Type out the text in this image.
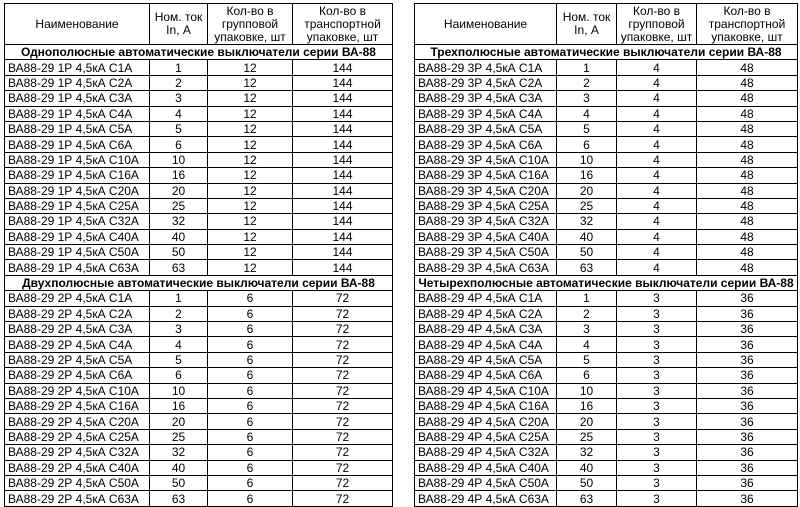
Наименование	Ном. ток In, А	Кол-во в групповой упаковке, шт	Кол-во в транспортной упаковке, шт
Однополюсные автоматические выключатели серии ВА-88			
ВА88-29 1Р 4,5кА С1А	1	12	144
ВА88-29 1Р 4,5кА С2А	2	12	144
ВА88-29 1Р 4,5кА С3А	3	12	144
ВА88-29 1Р 4,5кА С4А	4	12	144
ВА88-29 1Р 4,5кА С5А	5	12	144
ВА88-29 1Р 4,5кА С6А	6	12	144
ВА88-29 1Р 4,5кА С10А	10	12	144
ВА88-29 1Р 4,5кА С16А	16	12	144
ВА88-29 1Р 4,5кА С20А	20	12	144
ВА88-29 1Р 4,5кА С25А	25	12	144
ВА88-29 1Р 4,5кА С32А	32	12	144
ВА88-29 1Р 4,5кА С40А	40	12	144
ВА88-29 1Р 4,5кА С50А	50	12	144
ВА88-29 1Р 4,5кА С63А	63	12	144
Двухполюсные автоматические выключатели серии ВА-88			
ВА88-29 2Р 4,5кА С1А	1	6	72
ВА88-29 2Р 4,5кА С2А	2	6	72
ВА88-29 2Р 4,5кА С3А	3	6	72
ВА88-29 2Р 4,5кА С4А	4	6	72
ВА88-29 2Р 4,5кА С5А	5	6	72
ВА88-29 2Р 4,5кА С6А	6	6	72
ВА88-29 2Р 4,5кА С10А	10	6	72
ВА88-29 2Р 4,5кА С16А	16	6	72
ВА88-29 2Р 4,5кА С20А	20	6	72
ВА88-29 2Р 4,5кА С25А	25	6	72
ВА88-29 2Р 4,5кА С32А	32	6	72
ВА88-29 2Р 4,5кА С40А	40	6	72
ВА88-29 2Р 4,5кА С50А	50	6	72
ВА88-29 2Р 4,5кА С63А	63	6	72
Наименование	Ном. ток In, А	Кол-во в групповой упаковке, шт	Кол-во в транспортной упаковке, шт
Трехполюсные автоматические выключатели серии ВА-88			
ВА88-29 3Р 4,5кА С1А	1	4	48
ВА88-29 3Р 4,5кА С2А	2	4	48
ВА88-29 3Р 4,5кА С3А	3	4	48
ВА88-29 3Р 4,5кА С4А	4	4	48
ВА88-29 3Р 4,5кА С5А	5	4	48
ВА88-29 3Р 4,5кА С6А	6	4	48
ВА88-29 3Р 4,5кА С10А	10	4	48
ВА88-29 3Р 4,5кА С16А	16	4	48
ВА88-29 3Р 4,5кА С20А	20	4	48
ВА88-29 3Р 4,5кА С25А	25	4	48
ВА88-29 3Р 4,5кА С32А	32	4	48
ВА88-29 3Р 4,5кА С40А	40	4	48
ВА88-29 3Р 4,5кА С50А	50	4	48
ВА88-29 3Р 4,5кА С63А	63	4	48
Четырехполюсные автоматические выключатели серии ВА-88			
ВА88-29 4Р 4,5кА С1А	1	3	36
ВА88-29 4Р 4,5кА С2А	2	3	36
ВА88-29 4Р 4,5кА С3А	3	3	36
ВА88-29 4Р 4,5кА С4А	4	3	36
ВА88-29 4Р 4,5кА С5А	5	3	36
ВА88-29 4Р 4,5кА С6А	6	3	36
ВА88-29 4Р 4,5кА С10А	10	3	36
ВА88-29 4Р 4,5кА С16А	16	3	36
ВА88-29 4Р 4,5кА С20А	20	3	36
ВА88-29 4Р 4,5кА С25А	25	3	36
ВА88-29 4Р 4,5кА С32А	32	3	36
ВА88-29 4Р 4,5кА С40А	40	3	36
ВА88-29 4Р 4,5кА С50А	50	3	36
ВА88-29 4Р 4,5кА С63А	63	3	36
